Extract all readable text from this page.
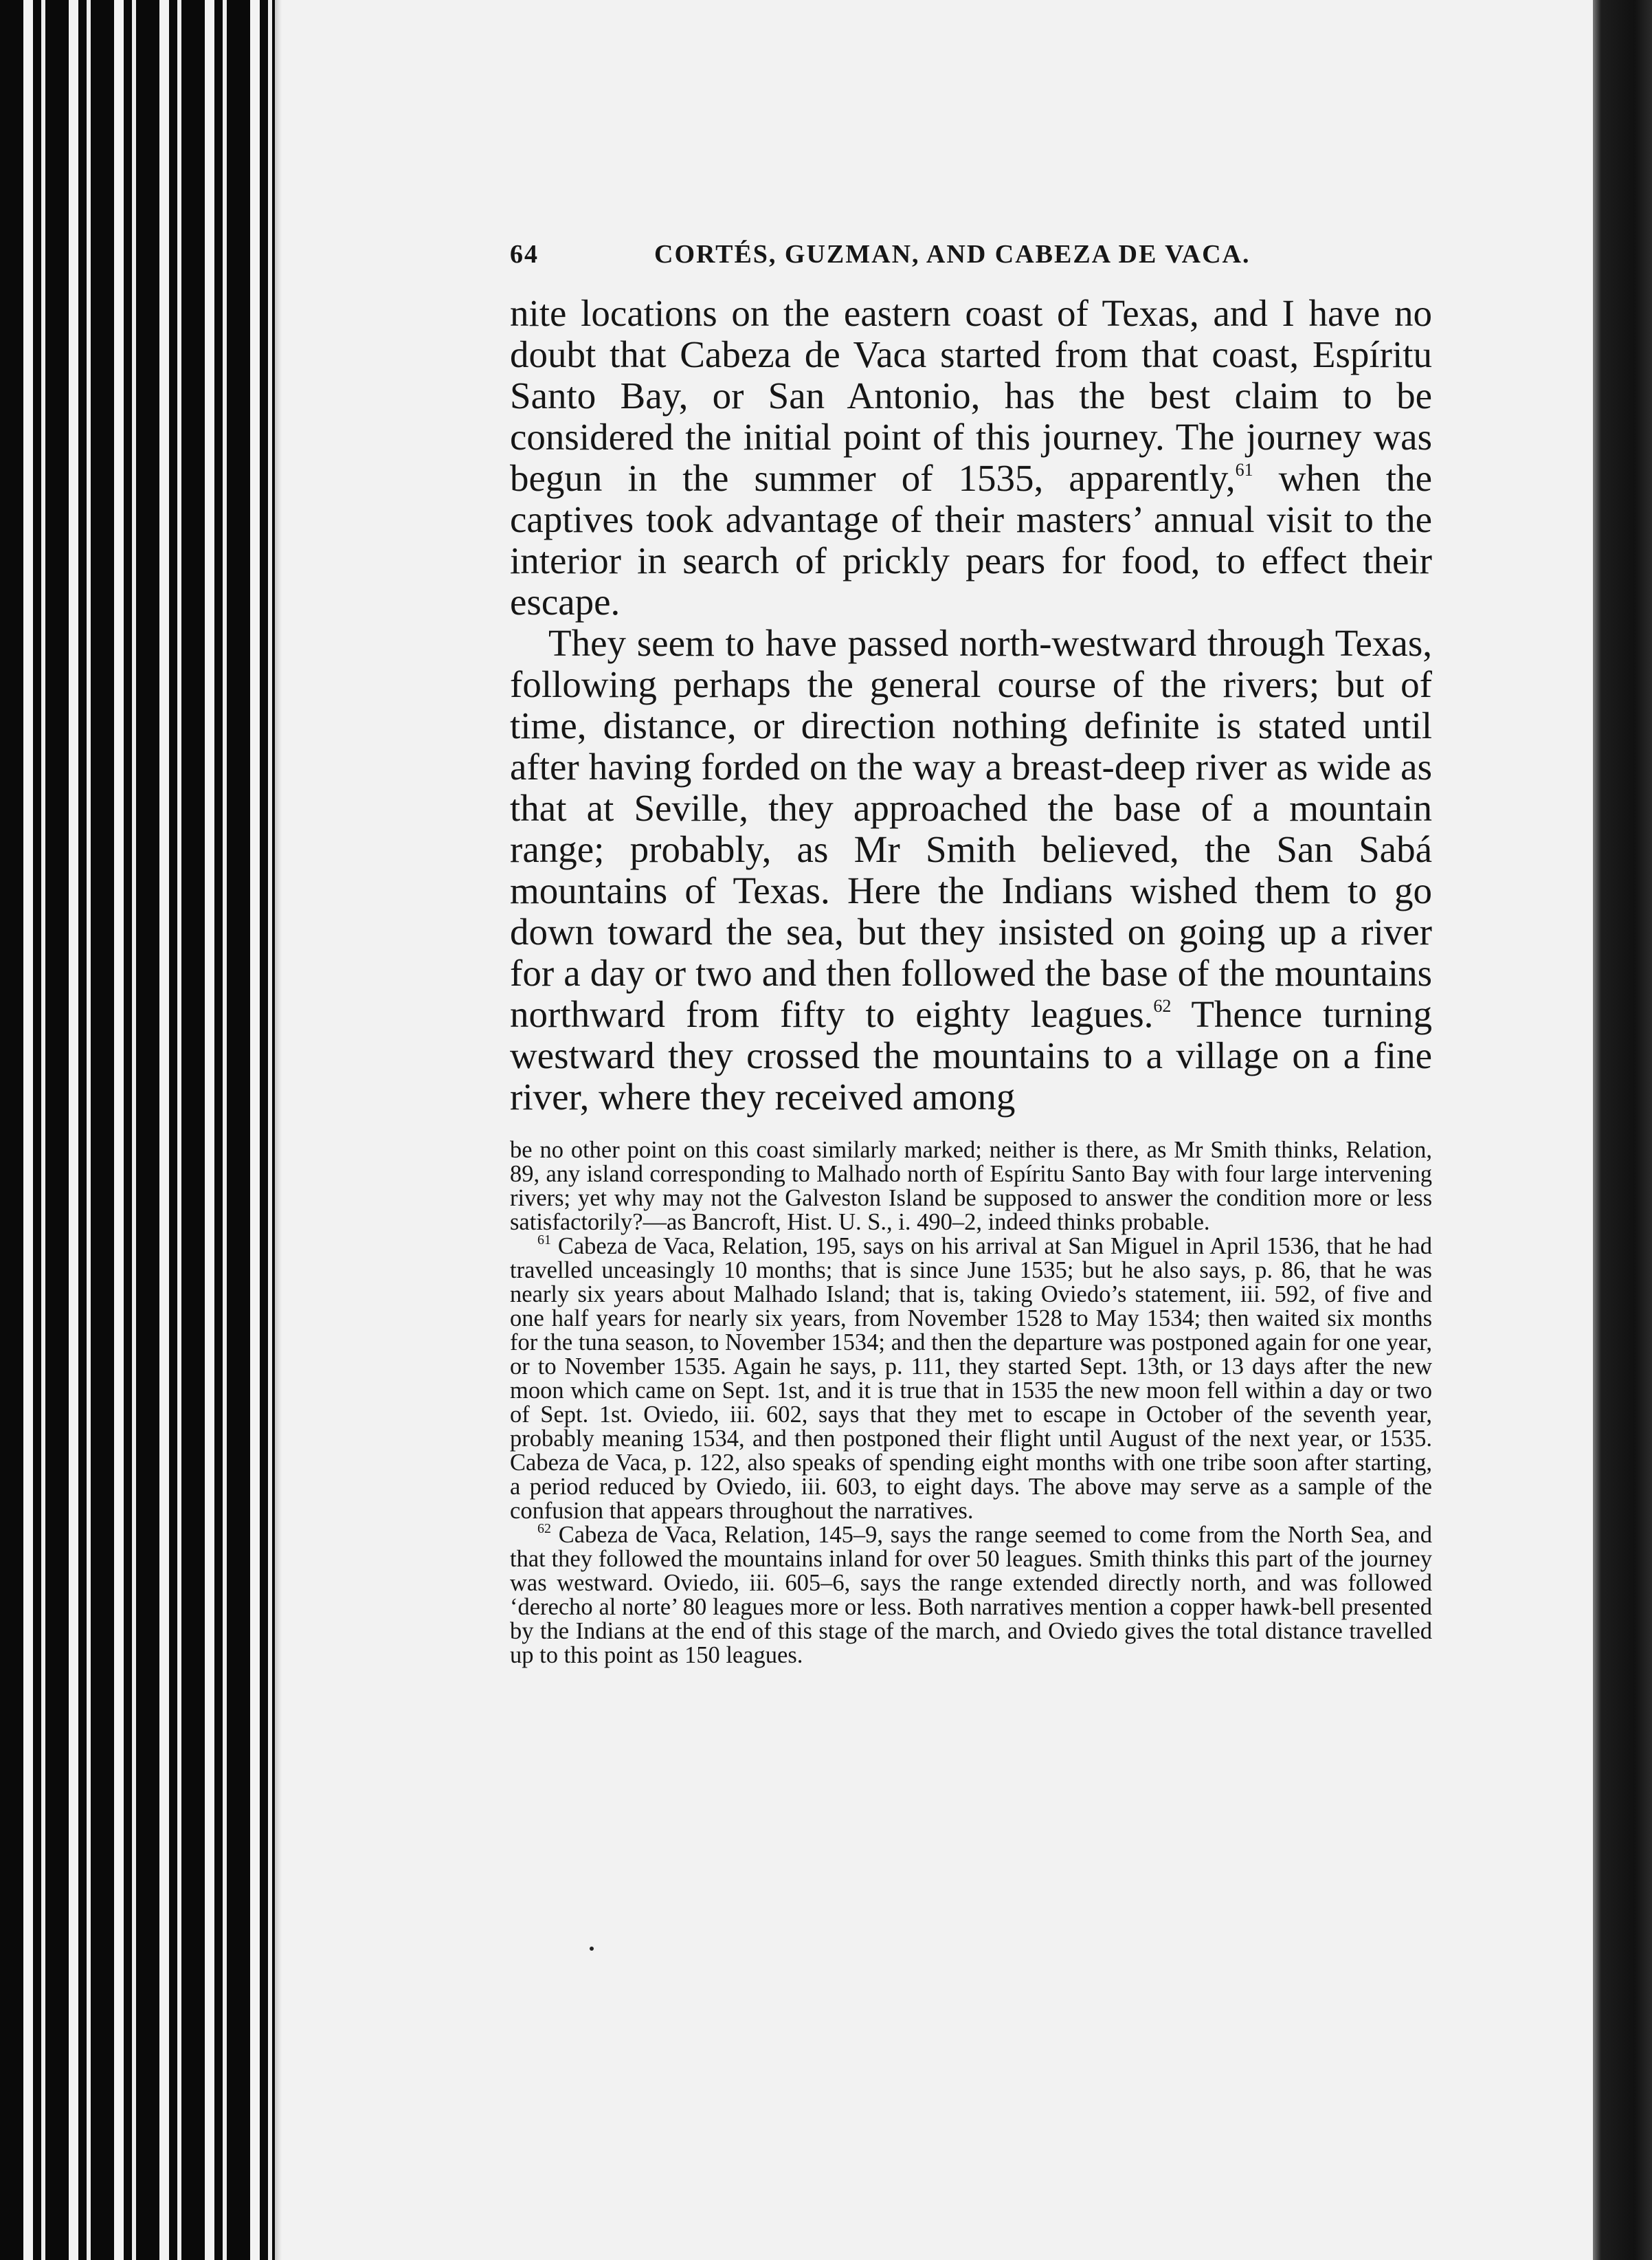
64	CORTÉS, GUZMAN, AND CABEZA DE VACA.

nite locations on the eastern coast of Texas, and I have no doubt that Cabeza de Vaca started from that coast, Espíritu Santo Bay, or San Antonio, has the best claim to be considered the initial point of this journey. The journey was begun in the summer of 1535, apparently,$^{61}$ when the captives took advantage of their masters’ annual visit to the interior in search of prickly pears for food, to effect their escape.

They seem to have passed north-westward through Texas, following perhaps the general course of the rivers; but of time, distance, or direction nothing definite is stated until after having forded on the way a breast-deep river as wide as that at Seville, they approached the base of a mountain range; probably, as Mr Smith believed, the San Sabá mountains of Texas. Here the Indians wished them to go down toward the sea, but they insisted on going up a river for a day or two and then followed the base of the mountains northward from fifty to eighty leagues.$^{62}$ Thence turning westward they crossed the mountains to a village on a fine river, where they received among

be no other point on this coast similarly marked; neither is there, as Mr Smith thinks, Relation, 89, any island corresponding to Malhado north of Espíritu Santo Bay with four large intervening rivers; yet why may not the Galveston Island be supposed to answer the condition more or less satisfactorily?—as Bancroft, Hist. U. S., i. 490–2, indeed thinks probable.

$^{61}$ Cabeza de Vaca, Relation, 195, says on his arrival at San Miguel in April 1536, that he had travelled unceasingly 10 months; that is since June 1535; but he also says, p. 86, that he was nearly six years about Malhado Island; that is, taking Oviedo’s statement, iii. 592, of five and one half years for nearly six years, from November 1528 to May 1534; then waited six months for the tuna season, to November 1534; and then the departure was postponed again for one year, or to November 1535. Again he says, p. 111, they started Sept. 13th, or 13 days after the new moon which came on Sept. 1st, and it is true that in 1535 the new moon fell within a day or two of Sept. 1st. Oviedo, iii. 602, says that they met to escape in October of the seventh year, probably meaning 1534, and then postponed their flight until August of the next year, or 1535. Cabeza de Vaca, p. 122, also speaks of spending eight months with one tribe soon after starting, a period reduced by Oviedo, iii. 603, to eight days. The above may serve as a sample of the confusion that appears throughout the narratives.

$^{62}$ Cabeza de Vaca, Relation, 145–9, says the range seemed to come from the North Sea, and that they followed the mountains inland for over 50 leagues. Smith thinks this part of the journey was westward. Oviedo, iii. 605–6, says the range extended directly north, and was followed ‘derecho al norte’ 80 leagues more or less. Both narratives mention a copper hawk-bell presented by the Indians at the end of this stage of the march, and Oviedo gives the total distance travelled up to this point as 150 leagues.
